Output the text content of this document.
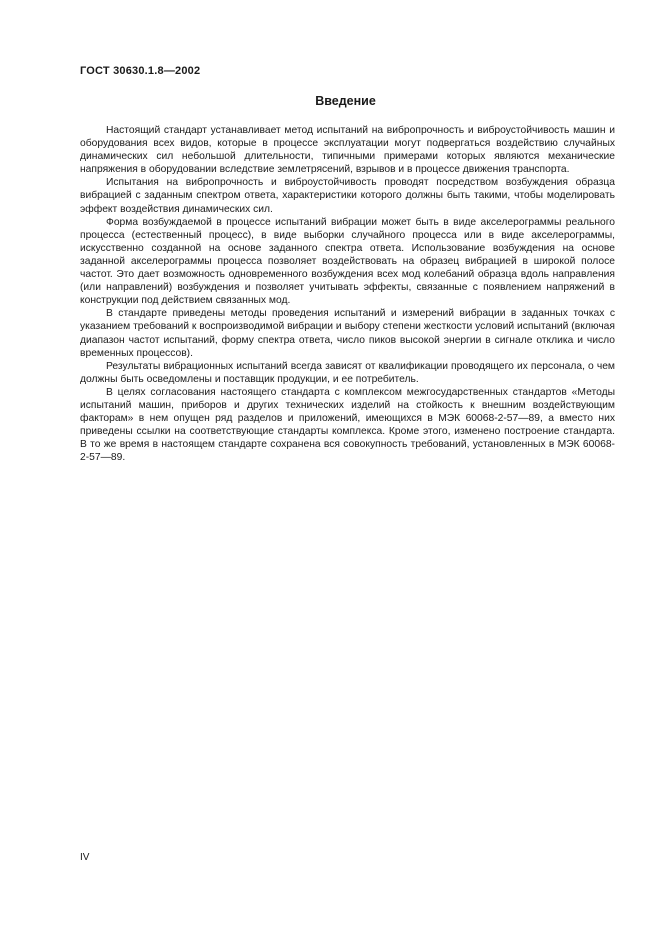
ГОСТ 30630.1.8—2002
Введение

Настоящий стандарт устанавливает метод испытаний на вибропрочность и виброустойчивость машин и оборудования всех видов, которые в процессе эксплуатации могут подвергаться воздействию случайных динамических сил небольшой длительности, типичными примерами которых являются механические напряжения в оборудовании вследствие землетрясений, взрывов и в процессе движения транспорта.

Испытания на вибропрочность и виброустойчивость проводят посредством возбуждения образца вибрацией с заданным спектром ответа, характеристики которого должны быть такими, чтобы моделировать эффект воздействия динамических сил.

Форма возбуждаемой в процессе испытаний вибрации может быть в виде акселерограммы реального процесса (естественный процесс), в виде выборки случайного процесса или в виде акселерограммы, искусственно созданной на основе заданного спектра ответа. Использование возбуждения на основе заданной акселерограммы процесса позволяет воздействовать на образец вибрацией в широкой полосе частот. Это дает возможность одновременного возбуждения всех мод колебаний образца вдоль направления (или направлений) возбуждения и позволяет учитывать эффекты, связанные с появлением напряжений в конструкции под действием связанных мод.

В стандарте приведены методы проведения испытаний и измерений вибрации в заданных точках с указанием требований к воспроизводимой вибрации и выбору степени жесткости условий испытаний (включая диапазон частот испытаний, форму спектра ответа, число пиков высокой энергии в сигнале отклика и число временных процессов).

Результаты вибрационных испытаний всегда зависят от квалификации проводящего их персонала, о чем должны быть осведомлены и поставщик продукции, и ее потребитель.

В целях согласования настоящего стандарта с комплексом межгосударственных стандартов «Методы испытаний машин, приборов и других технических изделий на стойкость к внешним воздействующим факторам» в нем опущен ряд разделов и приложений, имеющихся в МЭК 60068-2-57—89, а вместо них приведены ссылки на соответствующие стандарты комплекса. Кроме этого, изменено построение стандарта. В то же время в настоящем стандарте сохранена вся совокупность требований, установленных в МЭК 60068-2-57—89.

IV
